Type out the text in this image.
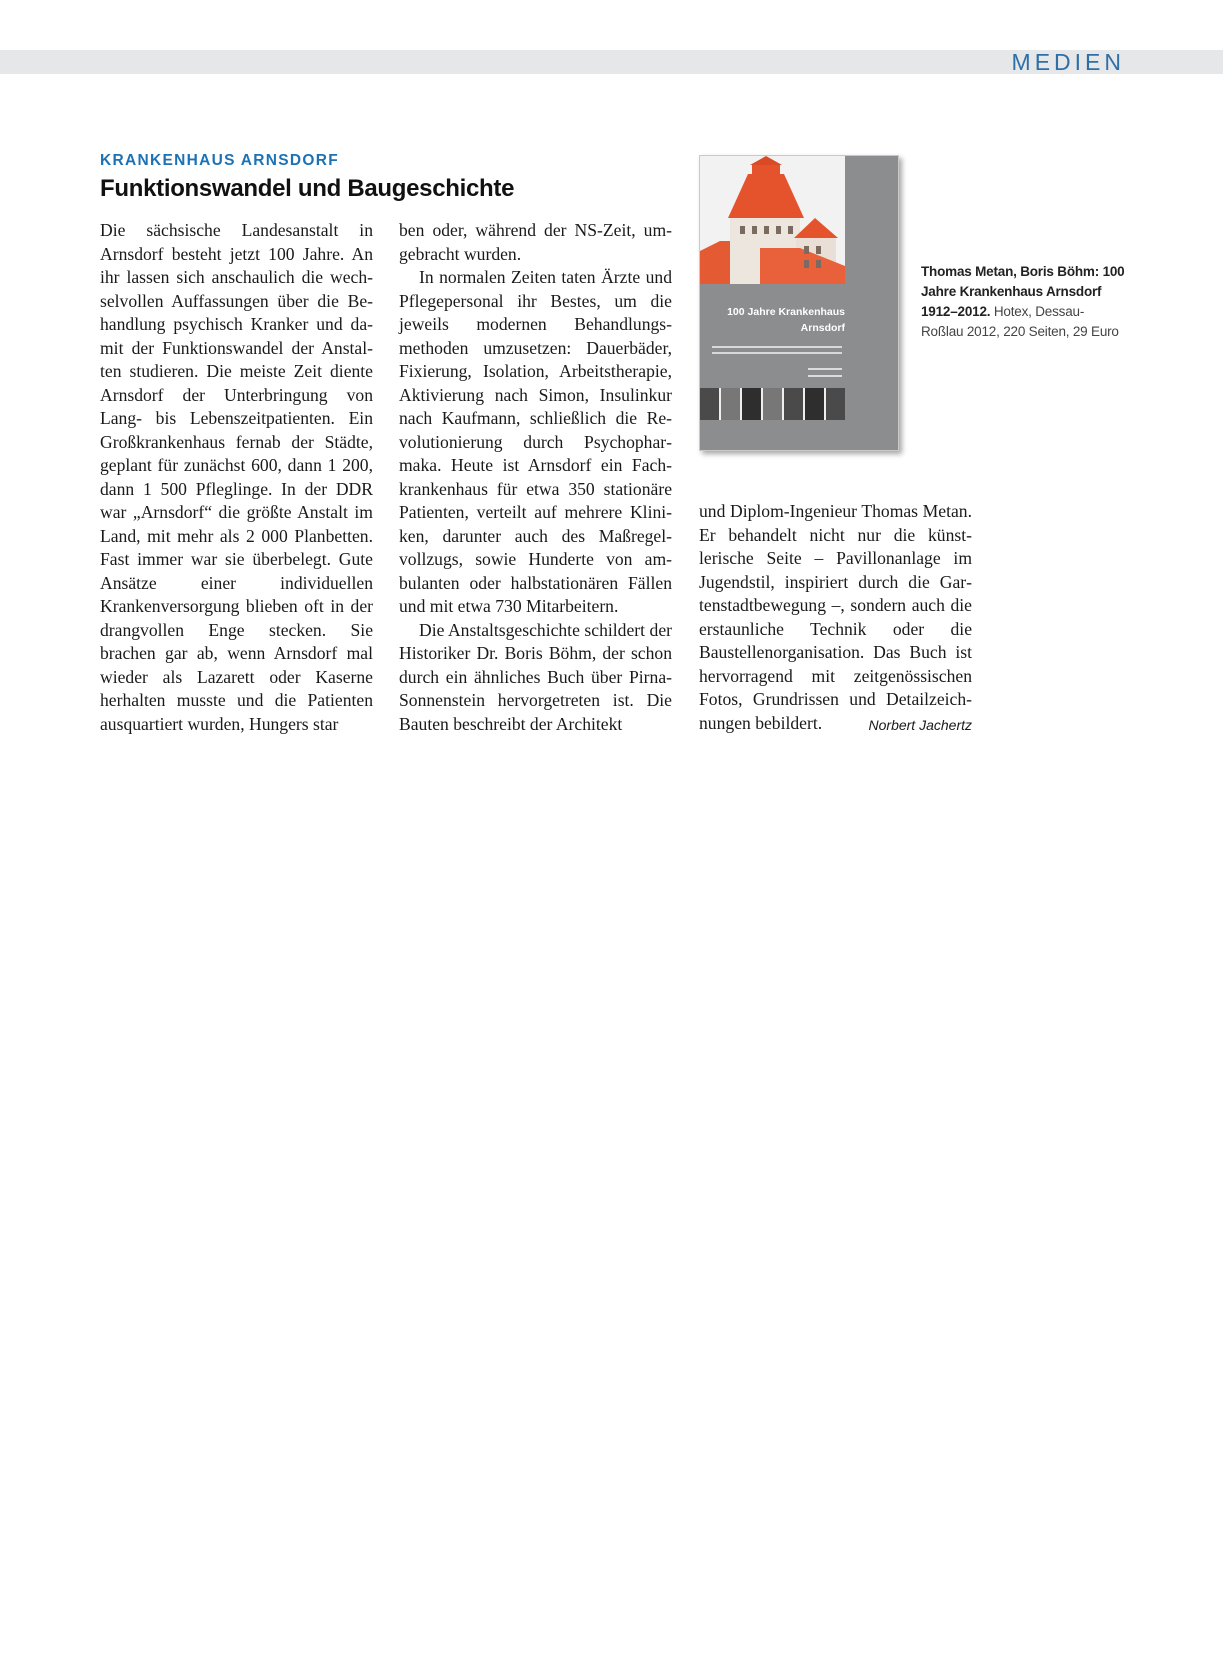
MEDIEN
KRANKENHAUS ARNSDORF
Funktionswandel und Baugeschichte

Die sächsische Landesanstalt in Arnsdorf besteht jetzt 100 Jahre. An ihr lassen sich anschaulich die wechselvollen Auffassungen über die Behandlung psychisch Kranker und damit der Funktionswandel der Anstalten studieren. Die meiste Zeit diente Arnsdorf der Unterbringung von Lang- bis Lebenszeitpatienten. Ein Großkrankenhaus fernab der Städte, geplant für zunächst 600, dann 1 200, dann 1 500 Pfleglinge. In der DDR war „Arnsdorf“ die größte Anstalt im Land, mit mehr als 2 000 Planbetten. Fast immer war sie überbelegt. Gute Ansätze einer individuellen Krankenversorgung blieben oft in der drangvollen Enge stecken. Sie brachen gar ab, wenn Arnsdorf mal wieder als Lazarett oder Kaserne herhalten musste und die Patienten ausquartiert wurden, Hungers star

ben oder, während der NS-Zeit, umgebracht wurden.

In normalen Zeiten taten Ärzte und Pflegepersonal ihr Bestes, um die jeweils modernen Behandlungsmethoden umzusetzen: Dauerbäder, Fixierung, Isolation, Arbeitstherapie, Aktivierung nach Simon, Insulinkur nach Kaufmann, schließlich die Revolutionierung durch Psychopharmaka. Heute ist Arnsdorf ein Fachkrankenhaus für etwa 350 stationäre Patienten, verteilt auf mehrere Kliniken, darunter auch des Maßregelvollzugs, sowie Hunderte von ambulanten oder halbstationären Fällen und mit etwa 730 Mitarbeitern.

Die Anstaltsgeschichte schildert der Historiker Dr. Boris Böhm, der schon durch ein ähnliches Buch über Pirna-Sonnenstein hervorgetreten ist. Die Bauten beschreibt der Architekt

und Diplom-Ingenieur Thomas Metan. Er behandelt nicht nur die künstlerische Seite – Pavillonanlage im Jugendstil, inspiriert durch die Gartenstadtbewegung –, sondern auch die erstaunliche Technik oder die Baustellenorganisation. Das Buch ist hervorragend mit zeitgenössischen Fotos, Grundrissen und Detailzeichnungen bebildert.	Norbert Jachertz

100 Jahre Krankenhaus
Arnsdorf
Thomas Metan, Boris Böhm: 100 Jahre Krankenhaus Arnsdorf 1912–2012. Hotex, Dessau-Roßlau 2012, 220 Seiten, 29 Euro
